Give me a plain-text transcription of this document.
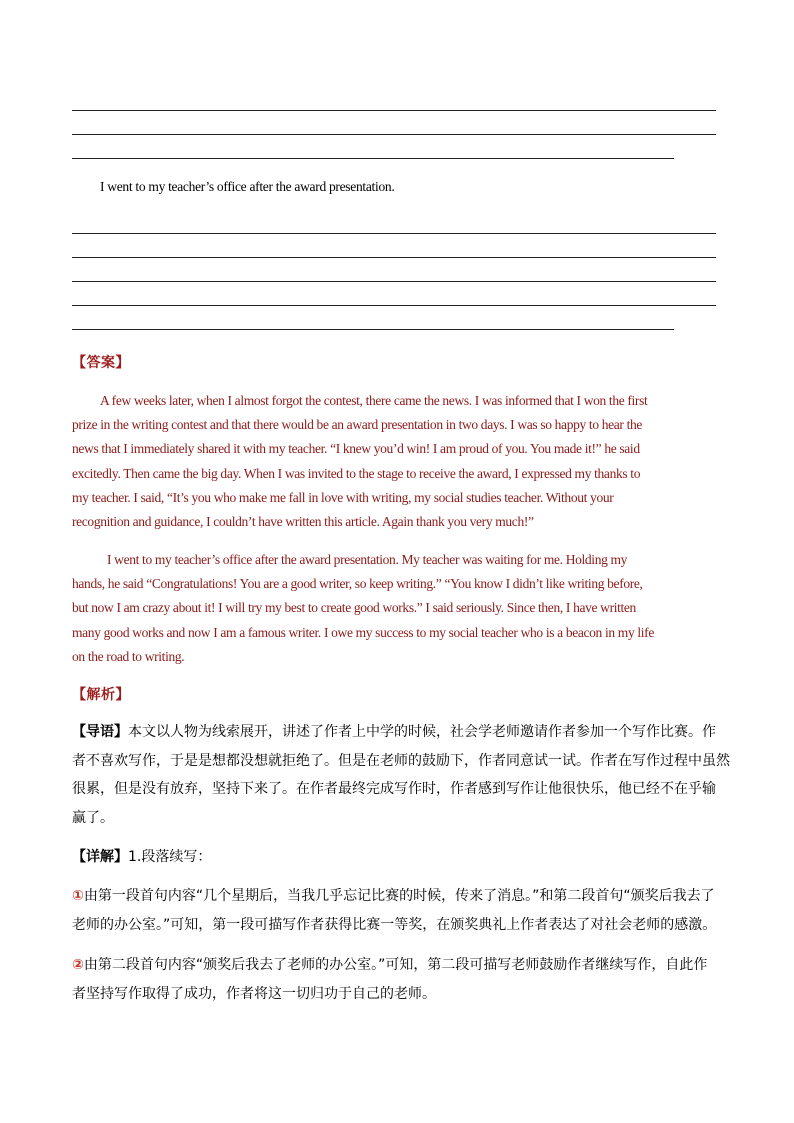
I went to my teacher’s office after the award presentation.
【答案】

A few weeks later, when I almost forgot the contest, there came the news. I was informed that I won the first
prize in the writing contest and that there would be an award presentation in two days. I was so happy to hear the
news that I immediately shared it with my teacher. “I knew you’d win! I am proud of you. You made it!” he said
excitedly. Then came the big day. When I was invited to the stage to receive the award, I expressed my thanks to
my teacher. I said, “It’s you who make me fall in love with writing, my social studies teacher. Without your
recognition and guidance, I couldn’t have written this article. Again thank you very much!”

I went to my teacher’s office after the award presentation. My teacher was waiting for me. Holding my
hands, he said “Congratulations! You are a good writer, so keep writing.” “You know I didn’t like writing before,
but now I am crazy about it! I will try my best to create good works.” I said seriously. Since then, I have written
many good works and now I am a famous writer. I owe my success to my social teacher who is a beacon in my life
on the road to writing.

【解析】
【导语】本文以人物为线索展开，讲述了作者上中学的时候，社会学老师邀请作者参加一个写作比赛。作
者不喜欢写作，于是是想都没想就拒绝了。但是在老师的鼓励下，作者同意试一试。作者在写作过程中虽然
很累，但是没有放弃，坚持下来了。在作者最终完成写作时，作者感到写作让他很快乐，他已经不在乎输
赢了。
【详解】1.段落续写：
①由第一段首句内容“几个星期后，当我几乎忘记比赛的时候，传来了消息。”和第二段首句“颁奖后我去了
老师的办公室。”可知，第一段可描写作者获得比赛一等奖，在颁奖典礼上作者表达了对社会老师的感激。
②由第二段首句内容“颁奖后我去了老师的办公室。”可知，第二段可描写老师鼓励作者继续写作，自此作
者坚持写作取得了成功，作者将这一切归功于自己的老师。
